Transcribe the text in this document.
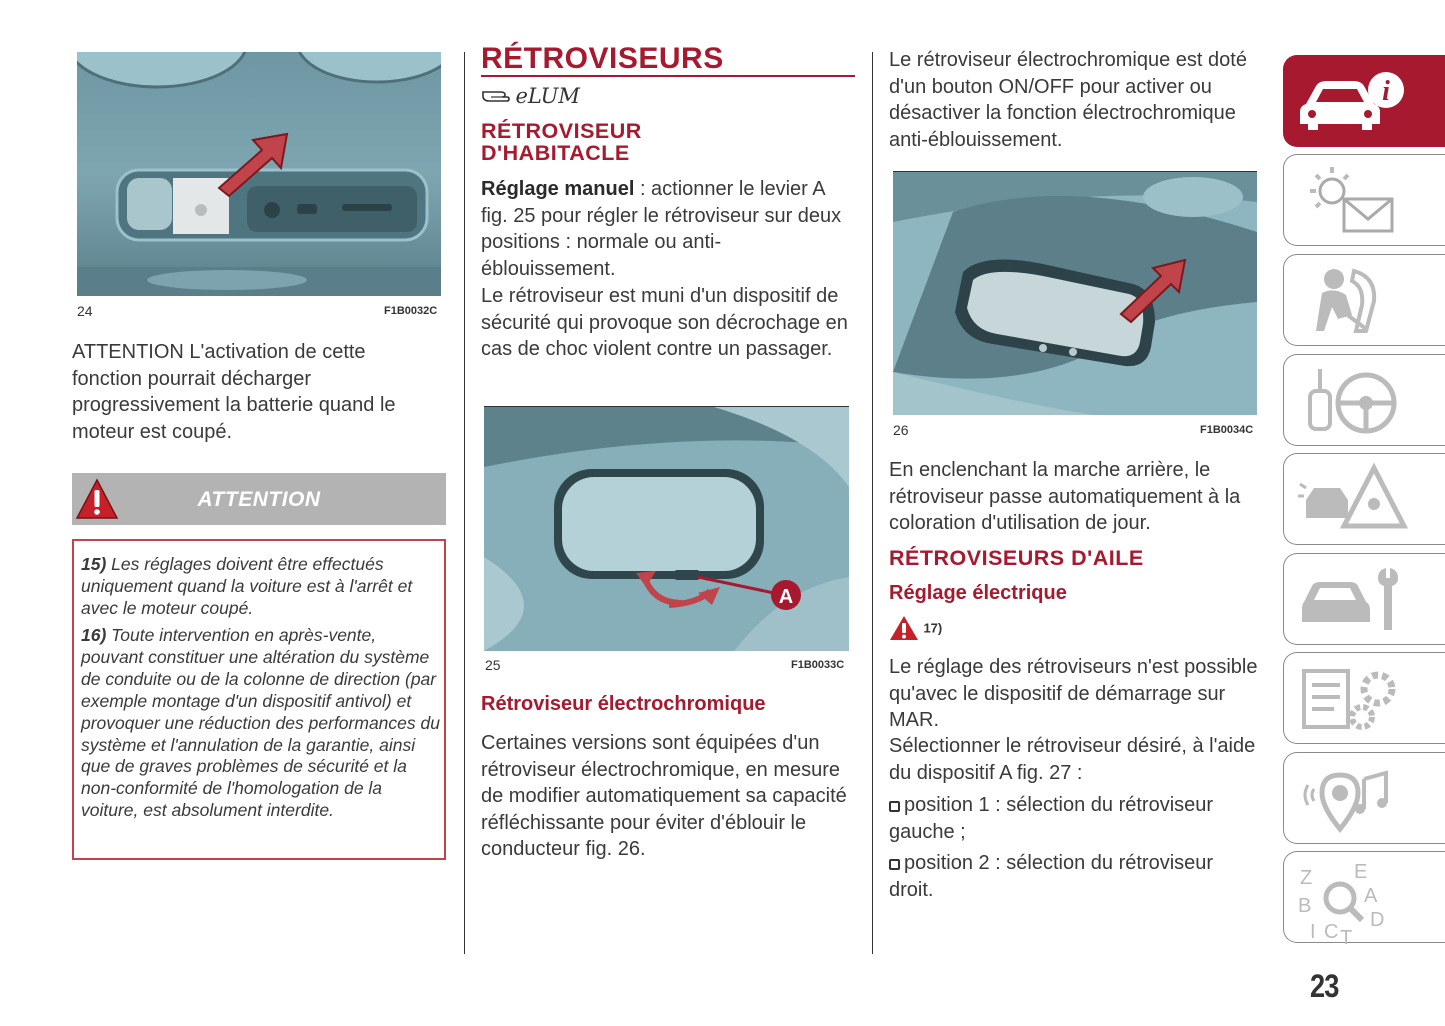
24	F1B0032C
ATTENTION L'activation de cette fonction pourrait décharger progressivement la batterie quand le moteur est coupé.
ATTENTION
15) Les réglages doivent être effectués uniquement quand la voiture est à l'arrêt et avec le moteur coupé.
16) Toute intervention en après-vente, pouvant constituer une altération du système de conduite ou de la colonne de direction (par exemple montage d'un dispositif antivol) et provoquer une réduction des performances du système et l'annulation de la garantie, ainsi que de graves problèmes de sécurité et la non-conformité de l'homologation de la voiture, est absolument interdite.
RÉTROVISEURS
eLUM
RÉTROVISEUR
D'HABITACLE
Réglage manuel : actionner le levier A fig. 25 pour régler le rétroviseur sur deux positions : normale ou anti-éblouissement.
Le rétroviseur est muni d'un dispositif de sécurité qui provoque son décrochage en cas de choc violent contre un passager.
A
25	F1B0033C
Rétroviseur électrochromique
Certaines versions sont équipées d'un rétroviseur électrochromique, en mesure de modifier automatiquement sa capacité réfléchissante pour éviter d'éblouir le conducteur fig. 26.
Le rétroviseur électrochromique est doté d'un bouton ON/OFF pour activer ou désactiver la fonction électrochromique anti-éblouissement.
26	F1B0034C
En enclenchant la marche arrière, le rétroviseur passe automatiquement à la coloration d'utilisation de jour.
RÉTROVISEURS D'AILE
Réglage électrique
17)
Le réglage des rétroviseurs n'est possible qu'avec le dispositif de démarrage sur MAR.
Sélectionner le rétroviseur désiré, à l'aide du dispositif A fig. 27 :
position 1 : sélection du rétroviseur gauche ;
position 2 : sélection du rétroviseur droit.
i
Z E
A
B
D
I C T
23
